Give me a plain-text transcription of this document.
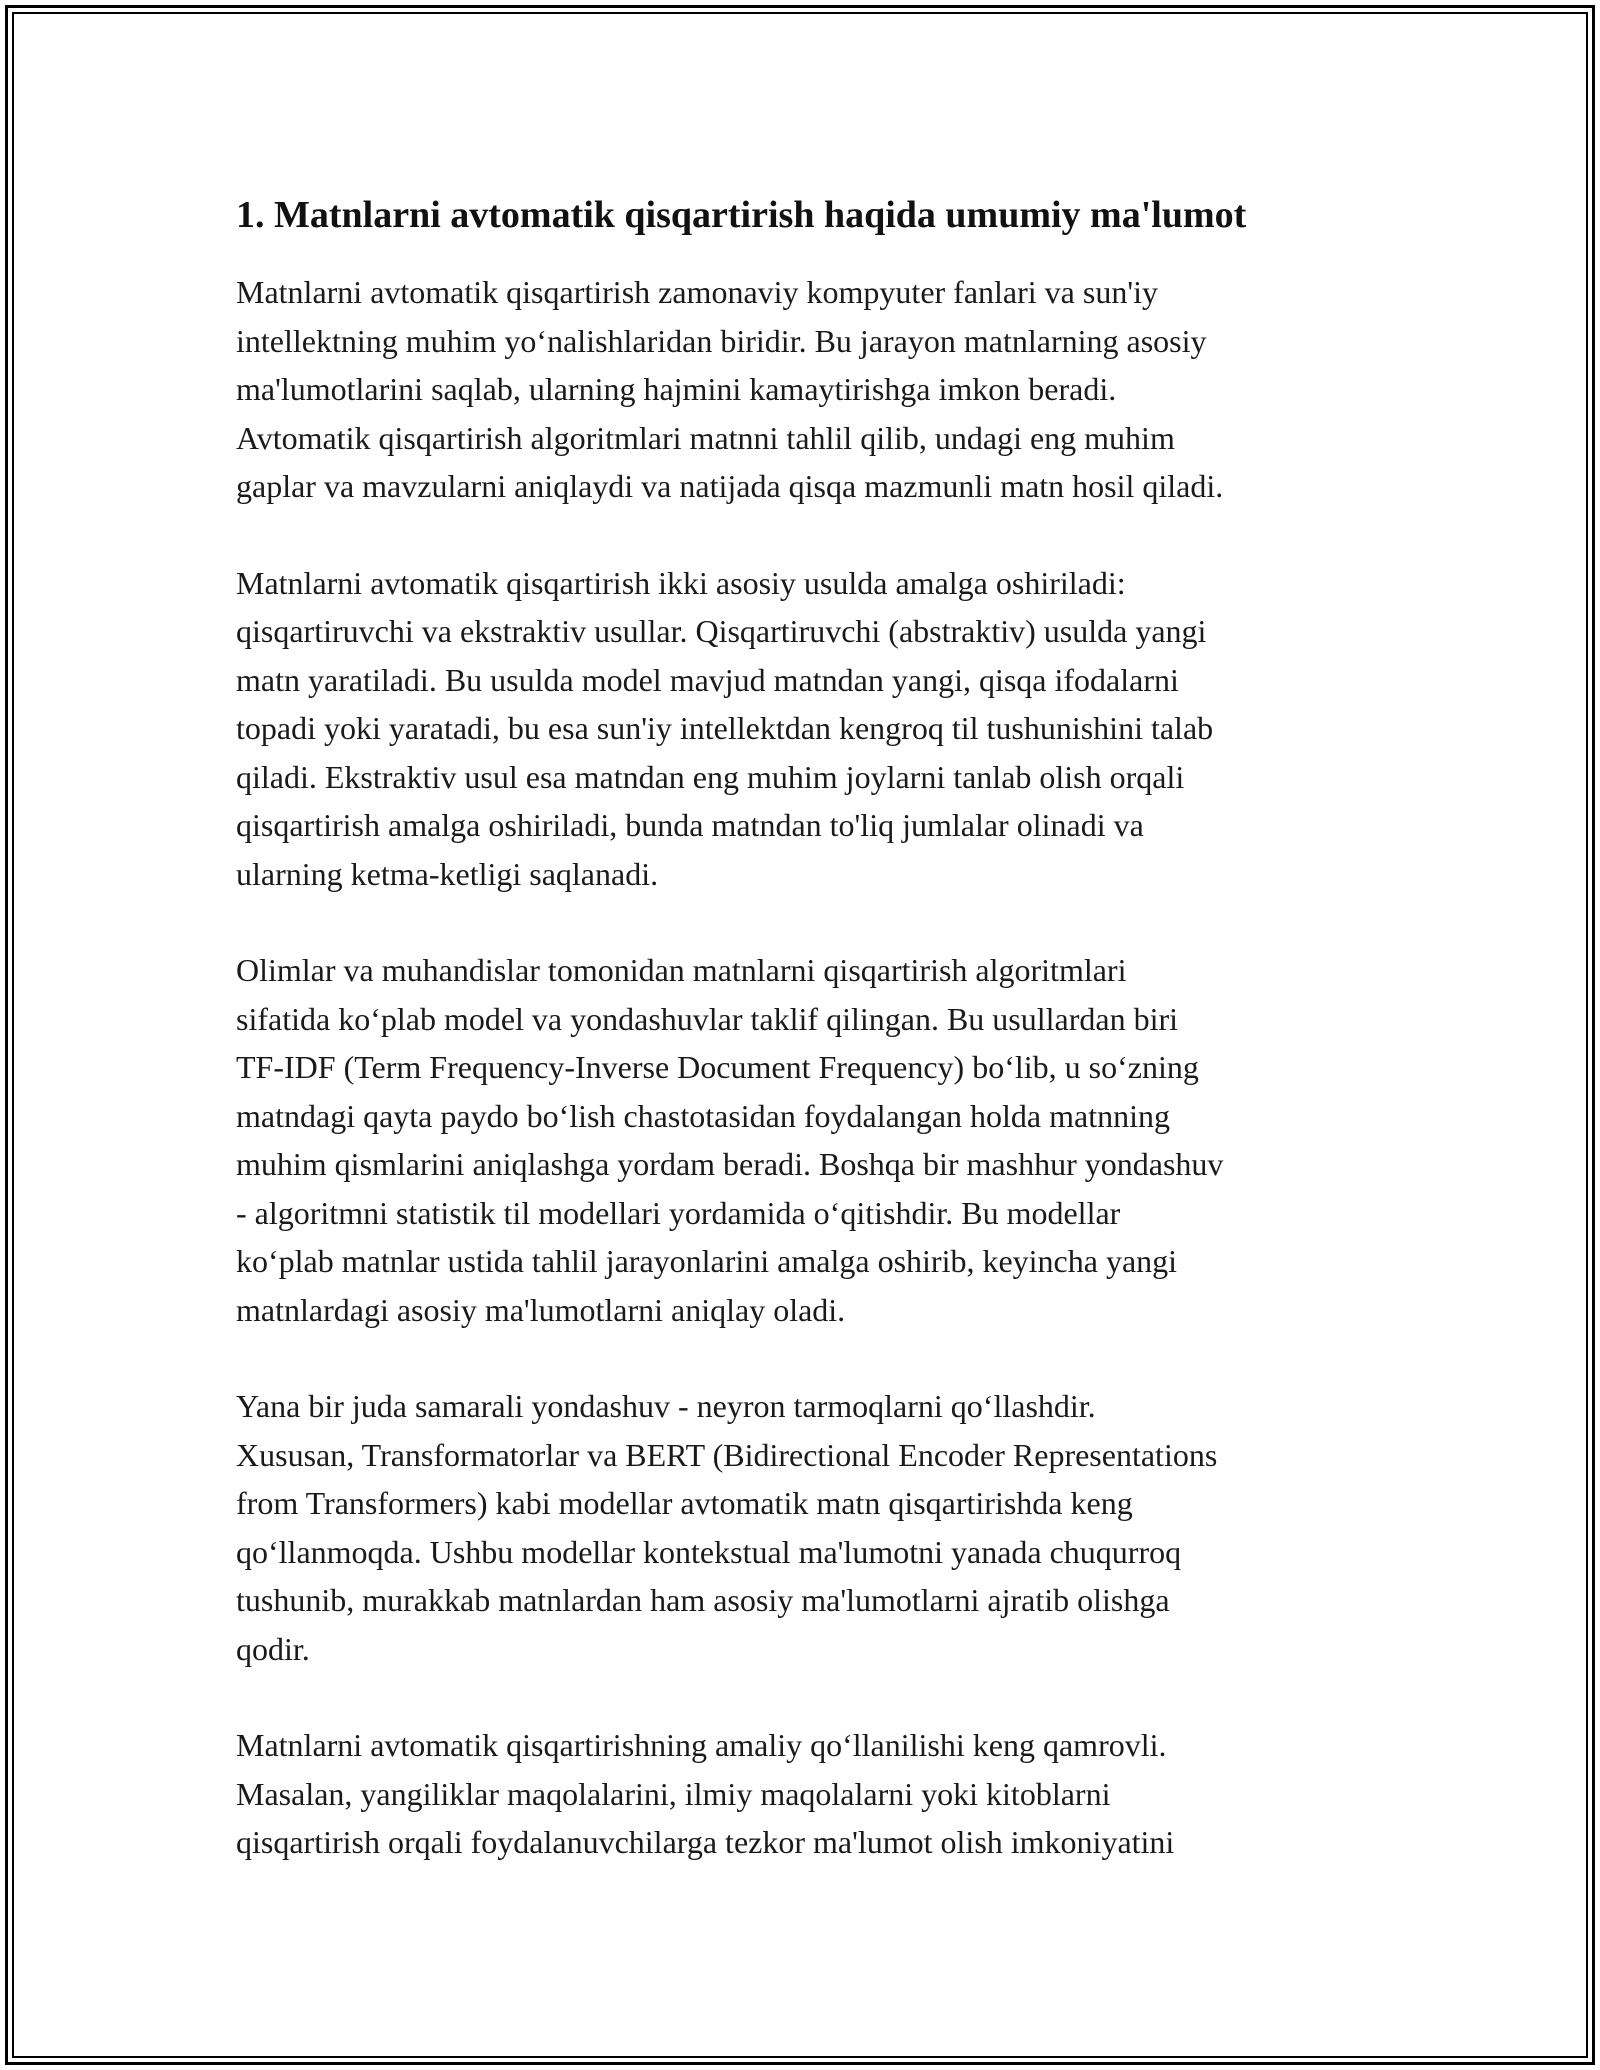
1. Matnlarni avtomatik qisqartirish haqida umumiy ma'lumot

Matnlarni avtomatik qisqartirish zamonaviy kompyuter fanlari va sun'iy
intellektning muhim yo‘nalishlaridan biridir. Bu jarayon matnlarning asosiy
ma'lumotlarini saqlab, ularning hajmini kamaytirishga imkon beradi.
Avtomatik qisqartirish algoritmlari matnni tahlil qilib, undagi eng muhim
gaplar va mavzularni aniqlaydi va natijada qisqa mazmunli matn hosil qiladi.

Matnlarni avtomatik qisqartirish ikki asosiy usulda amalga oshiriladi:
qisqartiruvchi va ekstraktiv usullar. Qisqartiruvchi (abstraktiv) usulda yangi
matn yaratiladi. Bu usulda model mavjud matndan yangi, qisqa ifodalarni
topadi yoki yaratadi, bu esa sun'iy intellektdan kengroq til tushunishini talab
qiladi. Ekstraktiv usul esa matndan eng muhim joylarni tanlab olish orqali
qisqartirish amalga oshiriladi, bunda matndan to'liq jumlalar olinadi va
ularning ketma-ketligi saqlanadi.

Olimlar va muhandislar tomonidan matnlarni qisqartirish algoritmlari
sifatida ko‘plab model va yondashuvlar taklif qilingan. Bu usullardan biri
TF-IDF (Term Frequency-Inverse Document Frequency) bo‘lib, u so‘zning
matndagi qayta paydo bo‘lish chastotasidan foydalangan holda matnning
muhim qismlarini aniqlashga yordam beradi. Boshqa bir mashhur yondashuv
- algoritmni statistik til modellari yordamida o‘qitishdir. Bu modellar
ko‘plab matnlar ustida tahlil jarayonlarini amalga oshirib, keyincha yangi
matnlardagi asosiy ma'lumotlarni aniqlay oladi.

Yana bir juda samarali yondashuv - neyron tarmoqlarni qo‘llashdir.
Xususan, Transformatorlar va BERT (Bidirectional Encoder Representations
from Transformers) kabi modellar avtomatik matn qisqartirishda keng
qo‘llanmoqda. Ushbu modellar kontekstual ma'lumotni yanada chuqurroq
tushunib, murakkab matnlardan ham asosiy ma'lumotlarni ajratib olishga
qodir.

Matnlarni avtomatik qisqartirishning amaliy qo‘llanilishi keng qamrovli.
Masalan, yangiliklar maqolalarini, ilmiy maqolalarni yoki kitoblarni
qisqartirish orqali foydalanuvchilarga tezkor ma'lumot olish imkoniyatini
